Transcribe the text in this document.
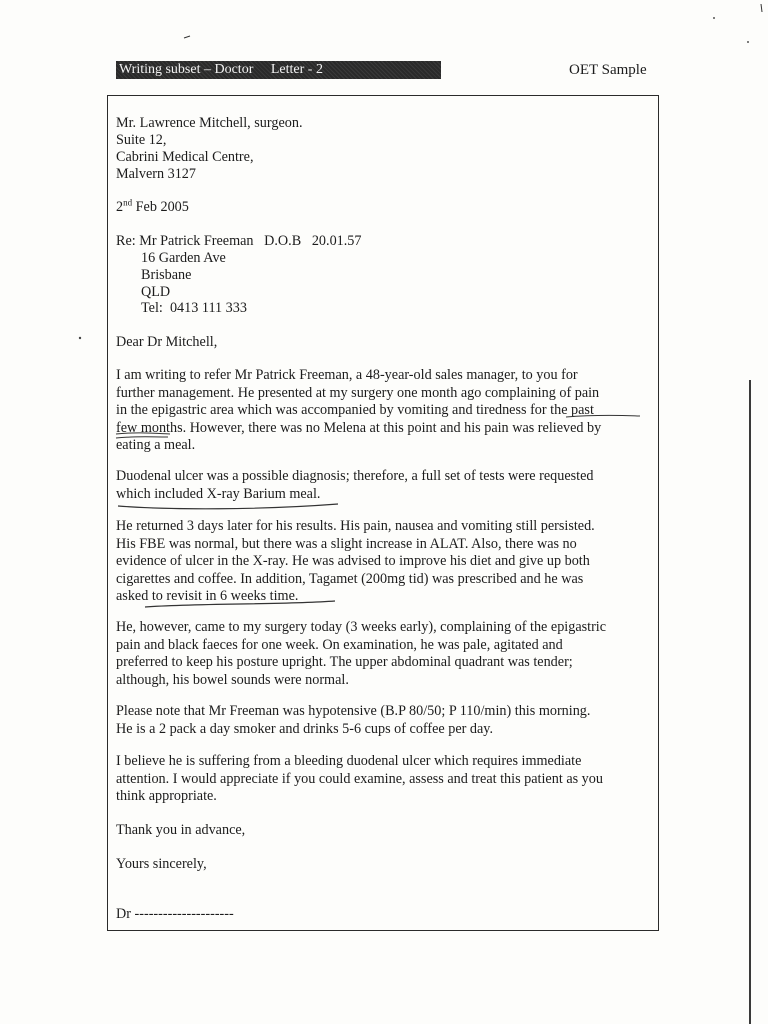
Writing subset – Doctor     Letter - 2	OET Sample
Mr. Lawrence Mitchell, surgeon.
Suite 12,
Cabrini Medical Centre,
Malvern 3127
2nd Feb 2005
Re: Mr Patrick Freeman   D.O.B   20.01.57
16 Garden Ave
Brisbane
QLD
Tel:  0413 111 333
Dear Dr Mitchell,
I am writing to refer Mr Patrick Freeman, a 48-year-old sales manager, to you for
further management. He presented at my surgery one month ago complaining of pain
in the epigastric area which was accompanied by vomiting and tiredness for the past
few months. However, there was no Melena at this point and his pain was relieved by
eating a meal.
Duodenal ulcer was a possible diagnosis; therefore, a full set of tests were requested
which included X-ray Barium meal.
He returned 3 days later for his results. His pain, nausea and vomiting still persisted.
His FBE was normal, but there was a slight increase in ALAT. Also, there was no
evidence of ulcer in the X-ray. He was advised to improve his diet and give up both
cigarettes and coffee. In addition, Tagamet (200mg tid) was prescribed and he was
asked to revisit in 6 weeks time.
He, however, came to my surgery today (3 weeks early), complaining of the epigastric
pain and black faeces for one week. On examination, he was pale, agitated and
preferred to keep his posture upright. The upper abdominal quadrant was tender;
although, his bowel sounds were normal.
Please note that Mr Freeman was hypotensive (B.P 80/50; P 110/min) this morning.
He is a 2 pack a day smoker and drinks 5-6 cups of coffee per day.
I believe he is suffering from a bleeding duodenal ulcer which requires immediate
attention. I would appreciate if you could examine, assess and treat this patient as you
think appropriate.
Thank you in advance,
Yours sincerely,
Dr ---------------------
